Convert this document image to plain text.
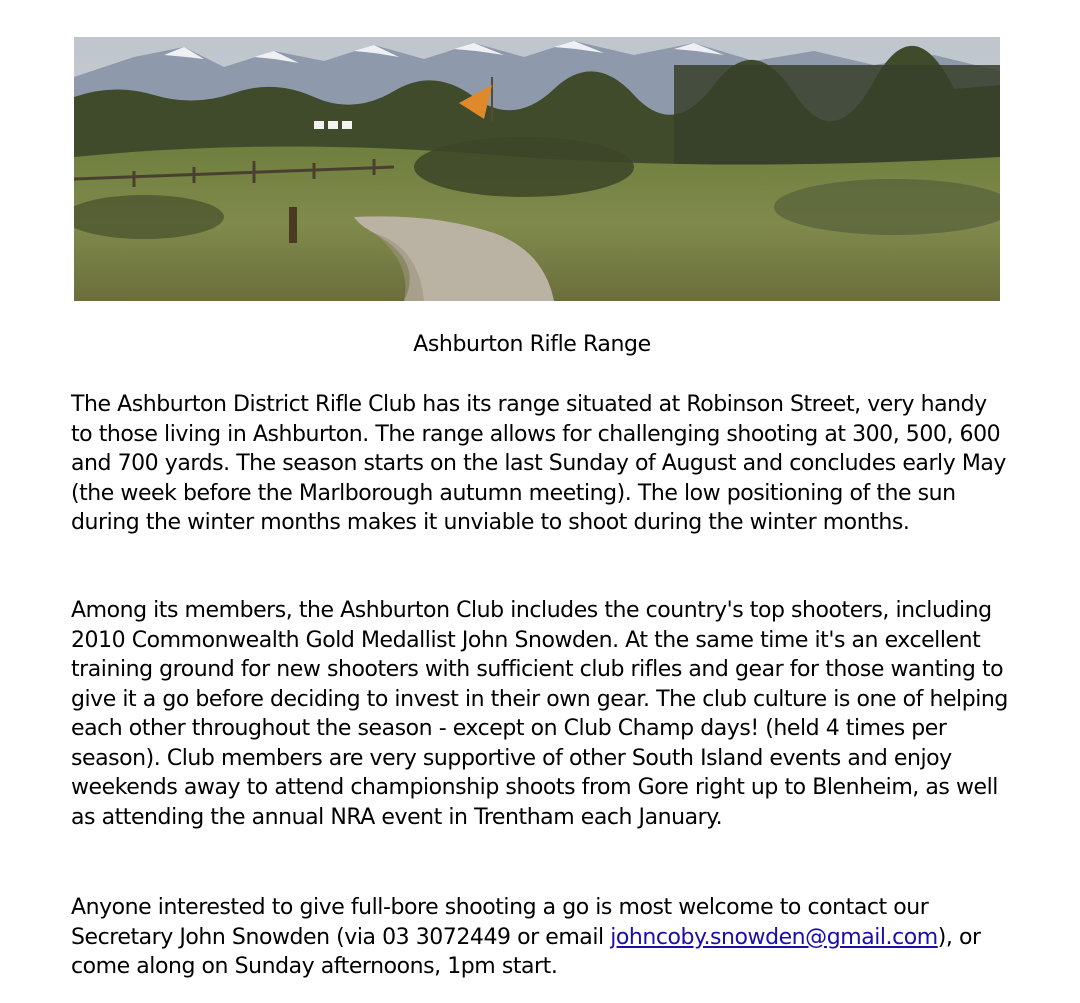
Ashburton Rifle Range

The Ashburton District Rifle Club has its range situated at Robinson Street, very handy to those living in Ashburton. The range allows for challenging shooting at 300, 500, 600 and 700 yards. The season starts on the last Sunday of August and concludes early May (the week before the Marlborough autumn meeting). The low positioning of the sun during the winter months makes it unviable to shoot during the winter months.

Among its members, the Ashburton Club includes the country's top shooters, including 2010 Commonwealth Gold Medallist John Snowden. At the same time it's an excellent training ground for new shooters with sufficient club rifles and gear for those wanting to give it a go before deciding to invest in their own gear. The club culture is one of helping each other throughout the season - except on Club Champ days! (held 4 times per season). Club members are very supportive of other South Island events and enjoy weekends away to attend championship shoots from Gore right up to Blenheim, as well as attending the annual NRA event in Trentham each January.

Anyone interested to give full-bore shooting a go is most welcome to contact our Secretary John Snowden (via 03 3072449 or email johncoby.snowden@gmail.com), or come along on Sunday afternoons, 1pm start.
